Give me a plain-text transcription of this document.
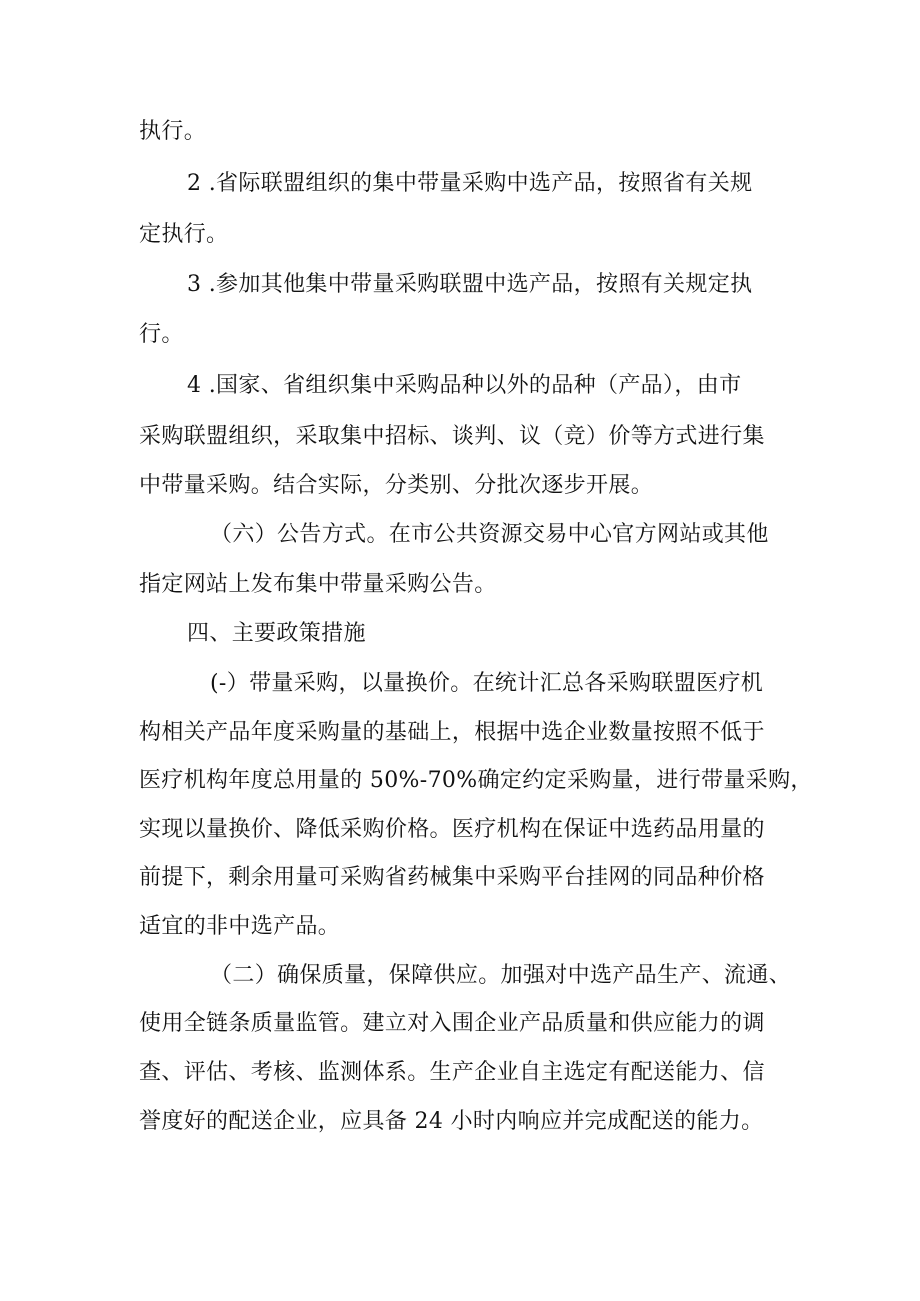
执行。
2 .省际联盟组织的集中带量采购中选产品，按照省有关规
定执行。
3 .参加其他集中带量采购联盟中选产品，按照有关规定执
行。
4 .国家、省组织集中采购品种以外的品种（产品），由市
采购联盟组织，采取集中招标、谈判、议（竞）价等方式进行集
中带量采购。结合实际，分类别、分批次逐步开展。
（六）公告方式。在市公共资源交易中心官方网站或其他
指定网站上发布集中带量采购公告。
四、主要政策措施
(-）带量采购，以量换价。在统计汇总各采购联盟医疗机
构相关产品年度采购量的基础上，根据中选企业数量按照不低于
医疗机构年度总用量的 50%-70%确定约定采购量，进行带量采购，
实现以量换价、降低采购价格。医疗机构在保证中选药品用量的
前提下，剩余用量可采购省药械集中采购平台挂网的同品种价格
适宜的非中选产品。
（二）确保质量，保障供应。加强对中选产品生产、流通、
使用全链条质量监管。建立对入围企业产品质量和供应能力的调
查、评估、考核、监测体系。生产企业自主选定有配送能力、信
誉度好的配送企业，应具备 24 小时内响应并完成配送的能力。
